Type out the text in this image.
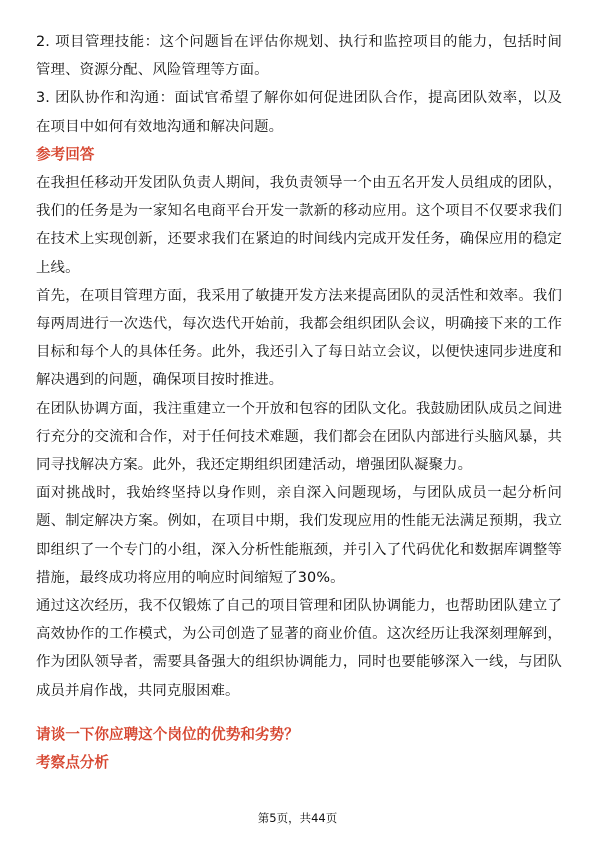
2. 项目管理技能：这个问题旨在评估你规划、执行和监控项目的能力，包括时间管理、资源分配、风险管理等方面。

3. 团队协作和沟通：面试官希望了解你如何促进团队合作，提高团队效率，以及在项目中如何有效地沟通和解决问题。

参考回答

在我担任移动开发团队负责人期间，我负责领导一个由五名开发人员组成的团队，我们的任务是为一家知名电商平台开发一款新的移动应用。这个项目不仅要求我们在技术上实现创新，还要求我们在紧迫的时间线内完成开发任务，确保应用的稳定上线。

首先，在项目管理方面，我采用了敏捷开发方法来提高团队的灵活性和效率。我们每两周进行一次迭代，每次迭代开始前，我都会组织团队会议，明确接下来的工作目标和每个人的具体任务。此外，我还引入了每日站立会议，以便快速同步进度和解决遇到的问题，确保项目按时推进。

在团队协调方面，我注重建立一个开放和包容的团队文化。我鼓励团队成员之间进行充分的交流和合作，对于任何技术难题，我们都会在团队内部进行头脑风暴，共同寻找解决方案。此外，我还定期组织团建活动，增强团队凝聚力。

面对挑战时，我始终坚持以身作则，亲自深入问题现场，与团队成员一起分析问题、制定解决方案。例如，在项目中期，我们发现应用的性能无法满足预期，我立即组织了一个专门的小组，深入分析性能瓶颈，并引入了代码优化和数据库调整等措施，最终成功将应用的响应时间缩短了30%。

通过这次经历，我不仅锻炼了自己的项目管理和团队协调能力，也帮助团队建立了高效协作的工作模式，为公司创造了显著的商业价值。这次经历让我深刻理解到，作为团队领导者，需要具备强大的组织协调能力，同时也要能够深入一线，与团队成员并肩作战，共同克服困难。

请谈一下你应聘这个岗位的优势和劣势？

考察点分析

第5页，共44页
